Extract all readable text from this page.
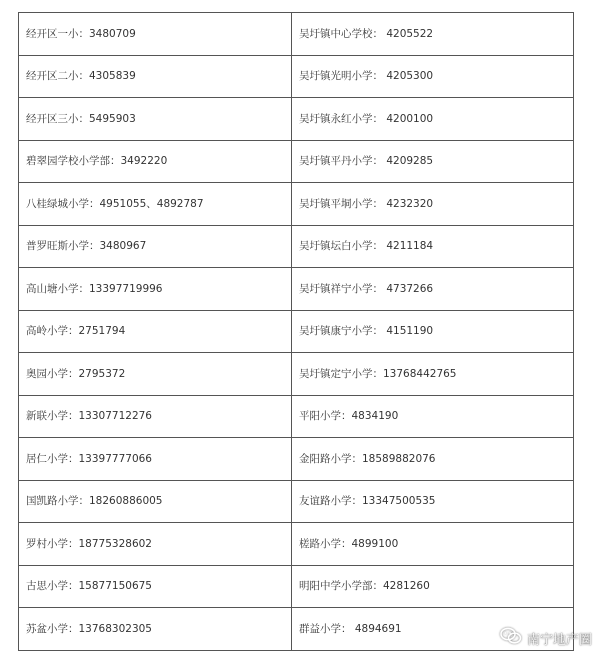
经开区一小：3480709	吴圩镇中心学校： 4205522
经开区二小：4305839	吴圩镇光明小学： 4205300
经开区三小：5495903	吴圩镇永红小学： 4200100
碧翠园学校小学部：3492220	吴圩镇平丹小学： 4209285
八桂绿城小学：4951055、4892787	吴圩镇平垌小学： 4232320
普罗旺斯小学：3480967	吴圩镇坛白小学： 4211184
高山塘小学：13397719996	吴圩镇祥宁小学： 4737266
高岭小学：2751794	吴圩镇康宁小学： 4151190
奥园小学：2795372	吴圩镇定宁小学：13768442765
新联小学：13307712276	平阳小学：4834190
居仁小学：13397777066	金阳路小学：18589882076
国凯路小学：18260886005	友谊路小学：13347500535
罗村小学：18775328602	槎路小学：4899100
古思小学：15877150675	明阳中学小学部：4281260
苏盆小学：13768302305	群益小学： 4894691
南宁地产圈
